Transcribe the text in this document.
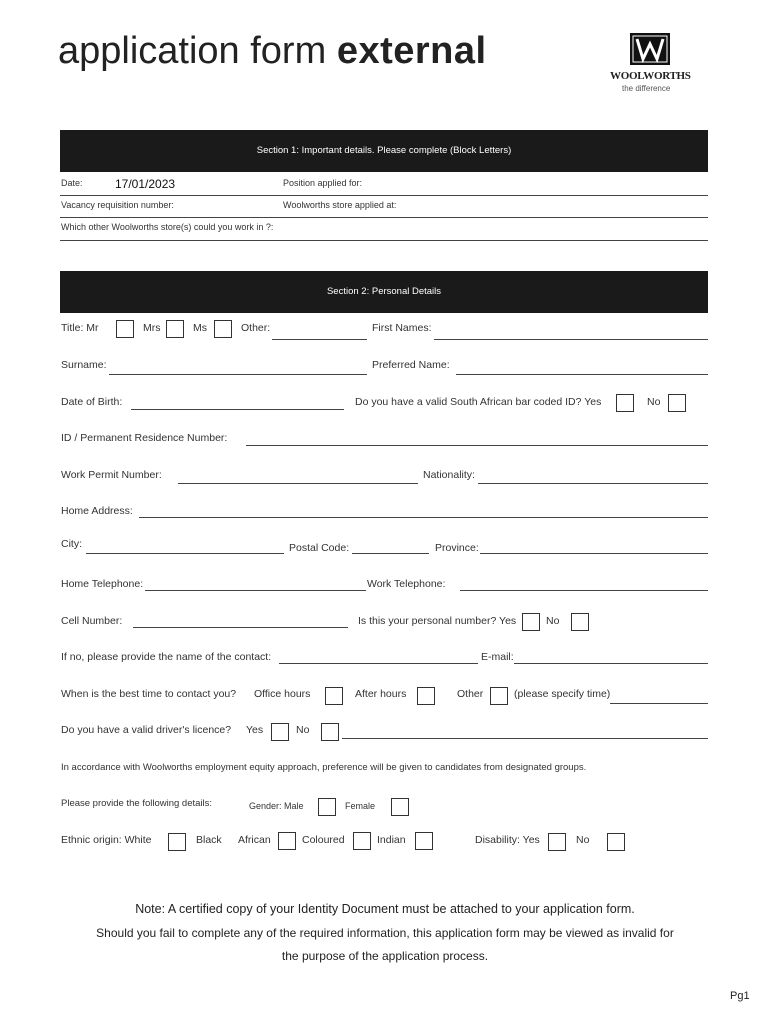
application form external
WOOLWORTHS
the difference
Section 1: Important details. Please complete (Block Letters)
Date:	17/01/2023	Position applied for:
Vacancy requisition number:	Woolworths store applied at:
Which other Woolworths store(s) could you work in ?:
Section 2: Personal Details
Title: Mr	Mrs	Ms	Other:	First Names:
Surname:	Preferred Name:
Date of Birth:	Do you have a valid South African bar coded ID? Yes	No
ID / Permanent Residence Number:
Work Permit Number:	Nationality:
Home Address:
City:	Postal Code:	Province:
Home Telephone:	Work Telephone:
Cell Number:	Is this your personal number? Yes	No
If no, please provide the name of the contact:	E-mail:
When is the best time to contact you? Office hours	After hours	Other	(please specify time)
Do you have a valid driver's licence? Yes	No
In accordance with Woolworths employment equity approach, preference will be given to candidates from designated groups.
Please provide the following details:	Gender: Male	Female
Ethnic origin: White	Black African	Coloured	Indian	Disability: Yes	No
Note: A certified copy of your Identity Document must be attached to your application form.
Should you fail to complete any of the required information, this application form may be viewed as invalid for
the purpose of the application process.
Pg1
